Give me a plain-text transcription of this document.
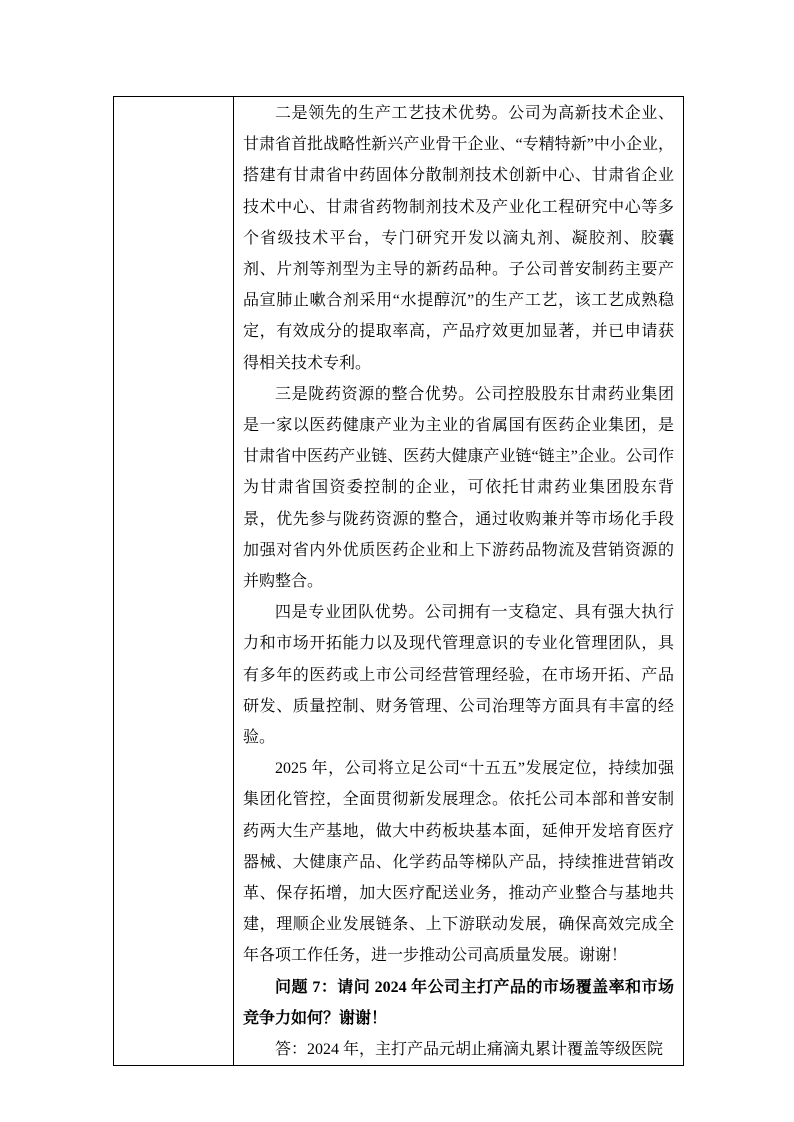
二是领先的生产工艺技术优势。公司为高新技术企业、甘肃省首批战略性新兴产业骨干企业、“专精特新”中小企业，搭建有甘肃省中药固体分散制剂技术创新中心、甘肃省企业技术中心、甘肃省药物制剂技术及产业化工程研究中心等多个省级技术平台，专门研究开发以滴丸剂、凝胶剂、胶囊剂、片剂等剂型为主导的新药品种。子公司普安制药主要产品宣肺止嗽合剂采用“水提醇沉”的生产工艺，该工艺成熟稳定，有效成分的提取率高，产品疗效更加显著，并已申请获得相关技术专利。

三是陇药资源的整合优势。公司控股股东甘肃药业集团是一家以医药健康产业为主业的省属国有医药企业集团，是甘肃省中医药产业链、医药大健康产业链“链主”企业。公司作为甘肃省国资委控制的企业，可依托甘肃药业集团股东背景，优先参与陇药资源的整合，通过收购兼并等市场化手段加强对省内外优质医药企业和上下游药品物流及营销资源的并购整合。

四是专业团队优势。公司拥有一支稳定、具有强大执行力和市场开拓能力以及现代管理意识的专业化管理团队，具有多年的医药或上市公司经营管理经验，在市场开拓、产品研发、质量控制、财务管理、公司治理等方面具有丰富的经验。

2025 年，公司将立足公司“十五五”发展定位，持续加强集团化管控，全面贯彻新发展理念。依托公司本部和普安制药两大生产基地，做大中药板块基本面，延伸开发培育医疗器械、大健康产品、化学药品等梯队产品，持续推进营销改革、保存拓增，加大医疗配送业务，推动产业整合与基地共建，理顺企业发展链条、上下游联动发展，确保高效完成全年各项工作任务，进一步推动公司高质量发展。谢谢！

问题 7：请问 2024 年公司主打产品的市场覆盖率和市场竞争力如何？谢谢！

答：2024 年，主打产品元胡止痛滴丸累计覆盖等级医院
